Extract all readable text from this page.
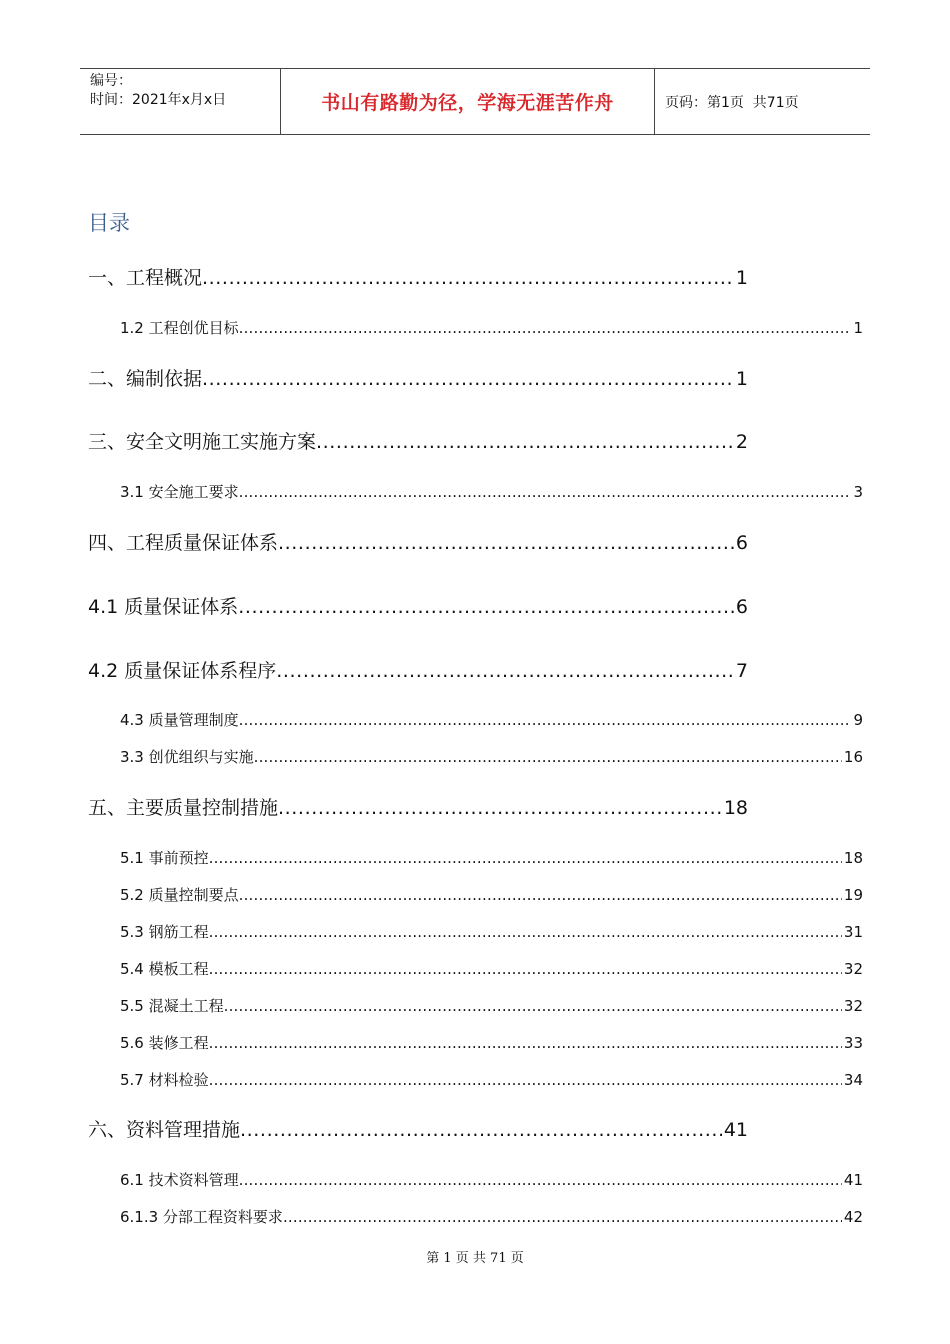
编号：
时间：2021年x月x日	书山有路勤为径，学海无涯苦作舟	页码：第1页  共71页
目录
一、工程概况 .....	1
1.2 工程创优目标 .....	1
二、编制依据 .....	1
三、安全文明施工实施方案 .....	2
3.1 安全施工要求 .....	3
四、工程质量保证体系 .....	6
4.1 质量保证体系 .....	6
4.2 质量保证体系程序 .....	7
4.3 质量管理制度 .....	9
3.3 创优组织与实施 .....	16
五、主要质量控制措施 .....	18
5.1 事前预控 .....	18
5.2 质量控制要点 .....	19
5.3 钢筋工程 .....	31
5.4 模板工程 .....	32
5.5 混凝土工程 .....	32
5.6 装修工程 .....	33
5.7 材料检验 .....	34
六、资料管理措施 .....	41
6.1 技术资料管理 .....	41
6.1.3 分部工程资料要求 .....	42
第 1 页 共 71 页
